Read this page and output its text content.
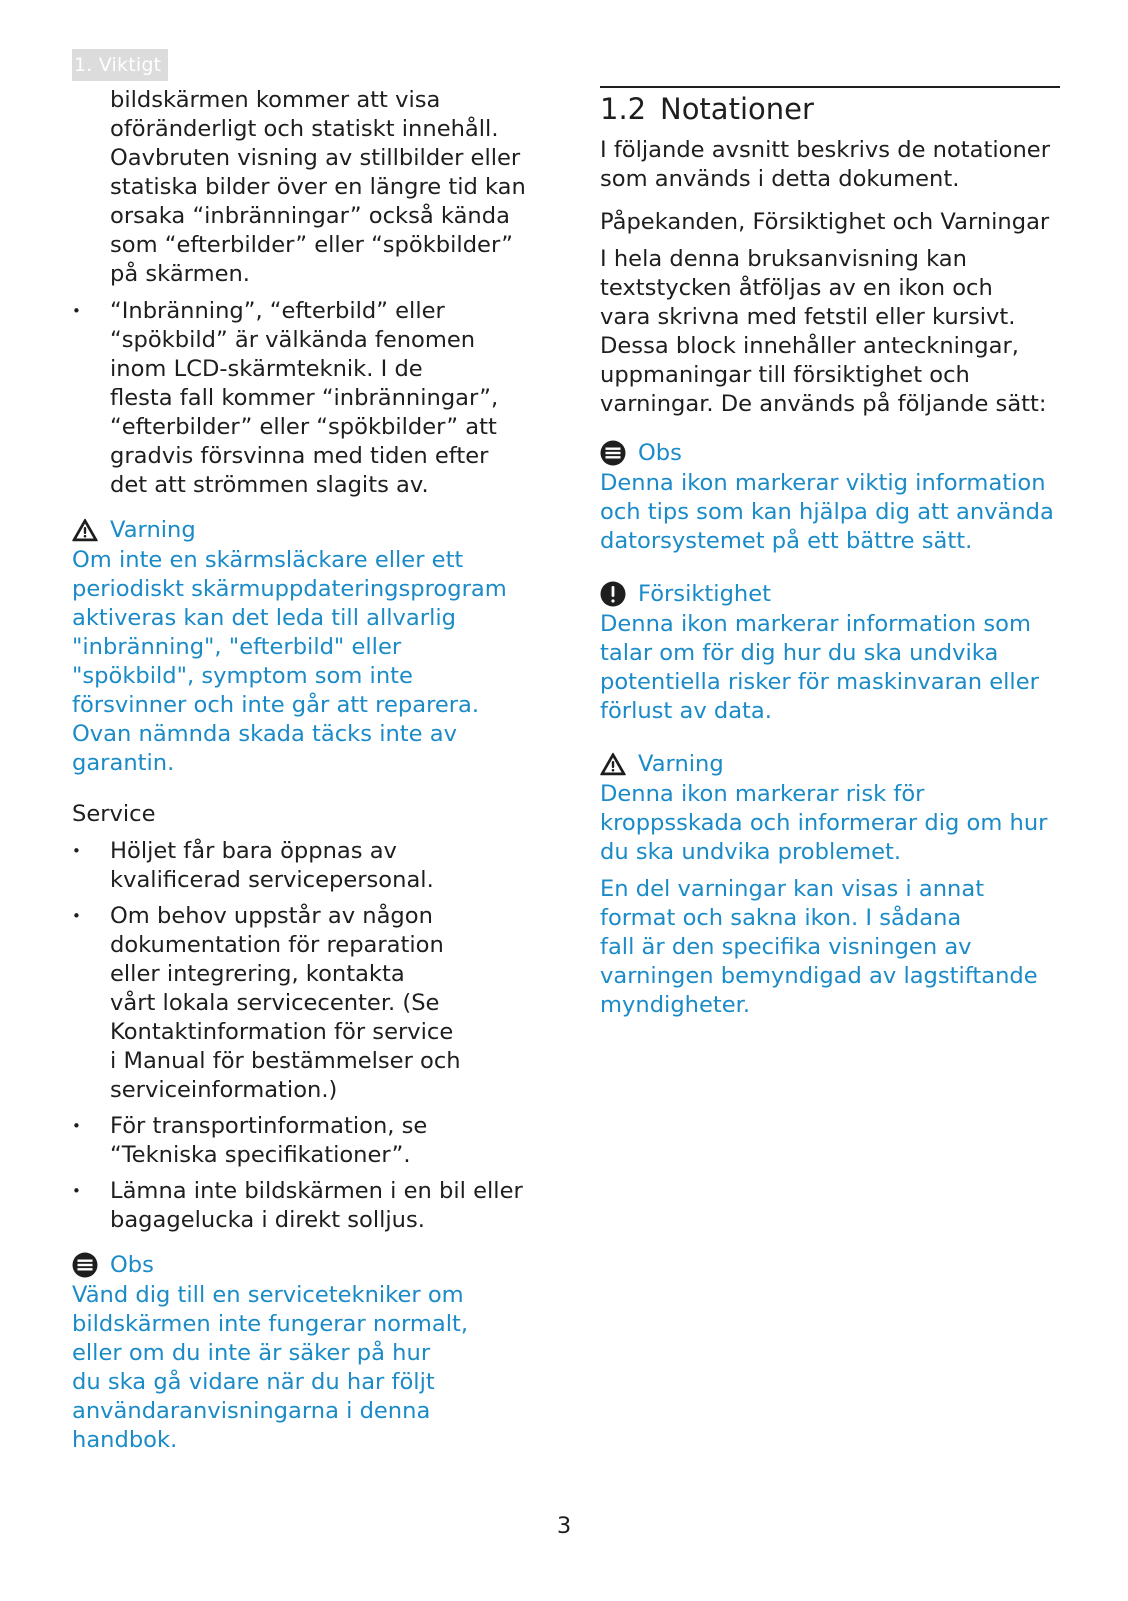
1. Viktigt
bildskärmen kommer att visa
oföränderligt och statiskt innehåll.
Oavbruten visning av stillbilder eller
statiska bilder över en längre tid kan
orsaka “inbränningar” också kända
som “efterbilder” eller “spökbilder”
på skärmen.
• “Inbränning”, “efterbild” eller
“spökbild” är välkända fenomen
inom LCD-skärmteknik. I de
flesta fall kommer “inbränningar”,
“efterbilder” eller “spökbilder” att
gradvis försvinna med tiden efter
det att strömmen slagits av.
Varning
Om inte en skärmsläckare eller ett
periodiskt skärmuppdateringsprogram
aktiveras kan det leda till allvarlig
"inbränning", "efterbild" eller
"spökbild", symptom som inte
försvinner och inte går att reparera.
Ovan nämnda skada täcks inte av
garantin.
Service
• Höljet får bara öppnas av
kvalificerad servicepersonal.
• Om behov uppstår av någon
dokumentation för reparation
eller integrering, kontakta
vårt lokala servicecenter. (Se
Kontaktinformation för service
i Manual för bestämmelser och
serviceinformation.)
• För transportinformation, se
“Tekniska specifikationer”.
• Lämna inte bildskärmen i en bil eller
bagagelucka i direkt solljus.
Obs
Vänd dig till en servicetekniker om
bildskärmen inte fungerar normalt,
eller om du inte är säker på hur
du ska gå vidare när du har följt
användaranvisningarna i denna
handbok.
1.2 Notationer
I följande avsnitt beskrivs de notationer
som används i detta dokument.
Påpekanden, Försiktighet och Varningar
I hela denna bruksanvisning kan
textstycken åtföljas av en ikon och
vara skrivna med fetstil eller kursivt.
Dessa block innehåller anteckningar,
uppmaningar till försiktighet och
varningar. De används på följande sätt:
Obs
Denna ikon markerar viktig information
och tips som kan hjälpa dig att använda
datorsystemet på ett bättre sätt.
Försiktighet
Denna ikon markerar information som
talar om för dig hur du ska undvika
potentiella risker för maskinvaran eller
förlust av data.
Varning
Denna ikon markerar risk för
kroppsskada och informerar dig om hur
du ska undvika problemet.
En del varningar kan visas i annat
format och sakna ikon. I sådana
fall är den specifika visningen av
varningen bemyndigad av lagstiftande
myndigheter.
3
